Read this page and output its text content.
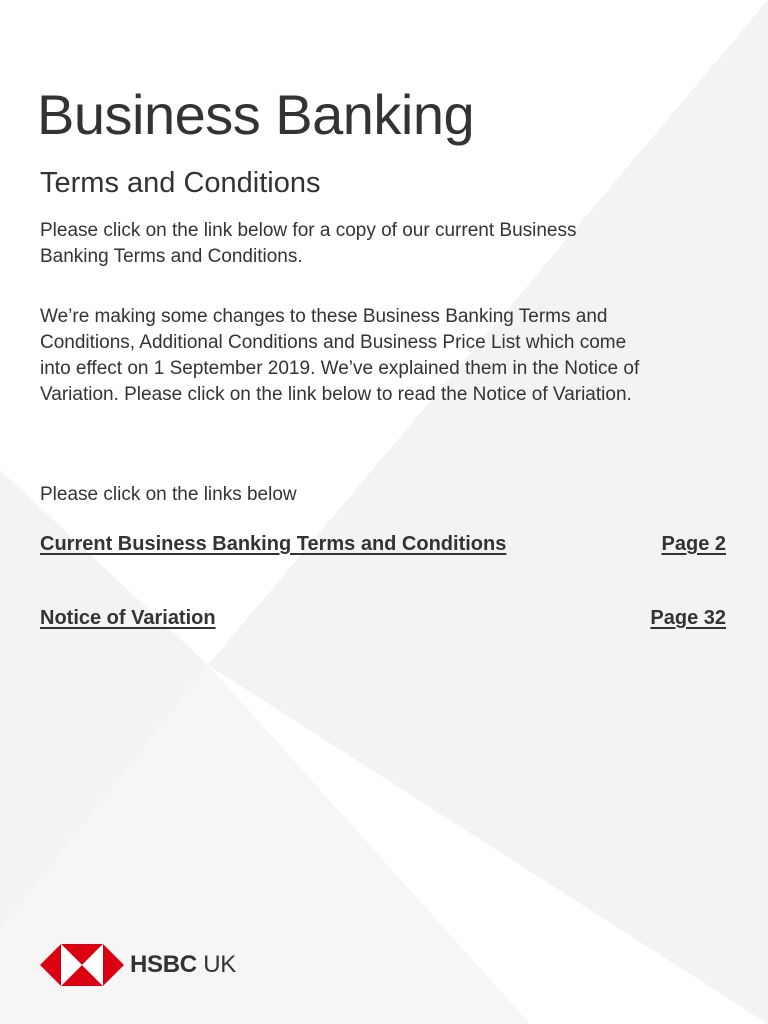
Business Banking
Terms and Conditions

Please click on the link below for a copy of our current Business Banking Terms and Conditions.

We’re making some changes to these Business Banking Terms and Conditions, Additional Conditions and Business Price List which come into effect on 1 September 2019. We’ve explained them in the Notice of Variation. Please click on the link below to read the Notice of Variation.

Please click on the links below

Current Business Banking Terms and Conditions	Page 2
Notice of Variation	Page 32
HSBC UK
